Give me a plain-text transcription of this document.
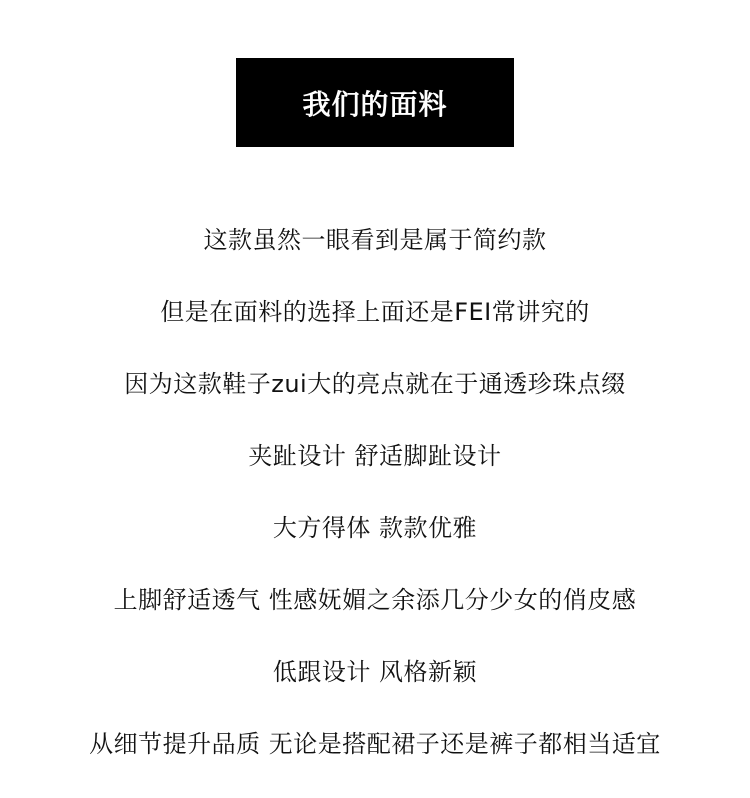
我们的面料
这款虽然一眼看到是属于简约款
但是在面料的选择上面还是FEI常讲究的
因为这款鞋子zui大的亮点就在于通透珍珠点缀
夹趾设计 舒适脚趾设计
大方得体 款款优雅
上脚舒适透气 性感妩媚之余添几分少女的俏皮感
低跟设计 风格新颖
从细节提升品质 无论是搭配裙子还是裤子都相当适宜
